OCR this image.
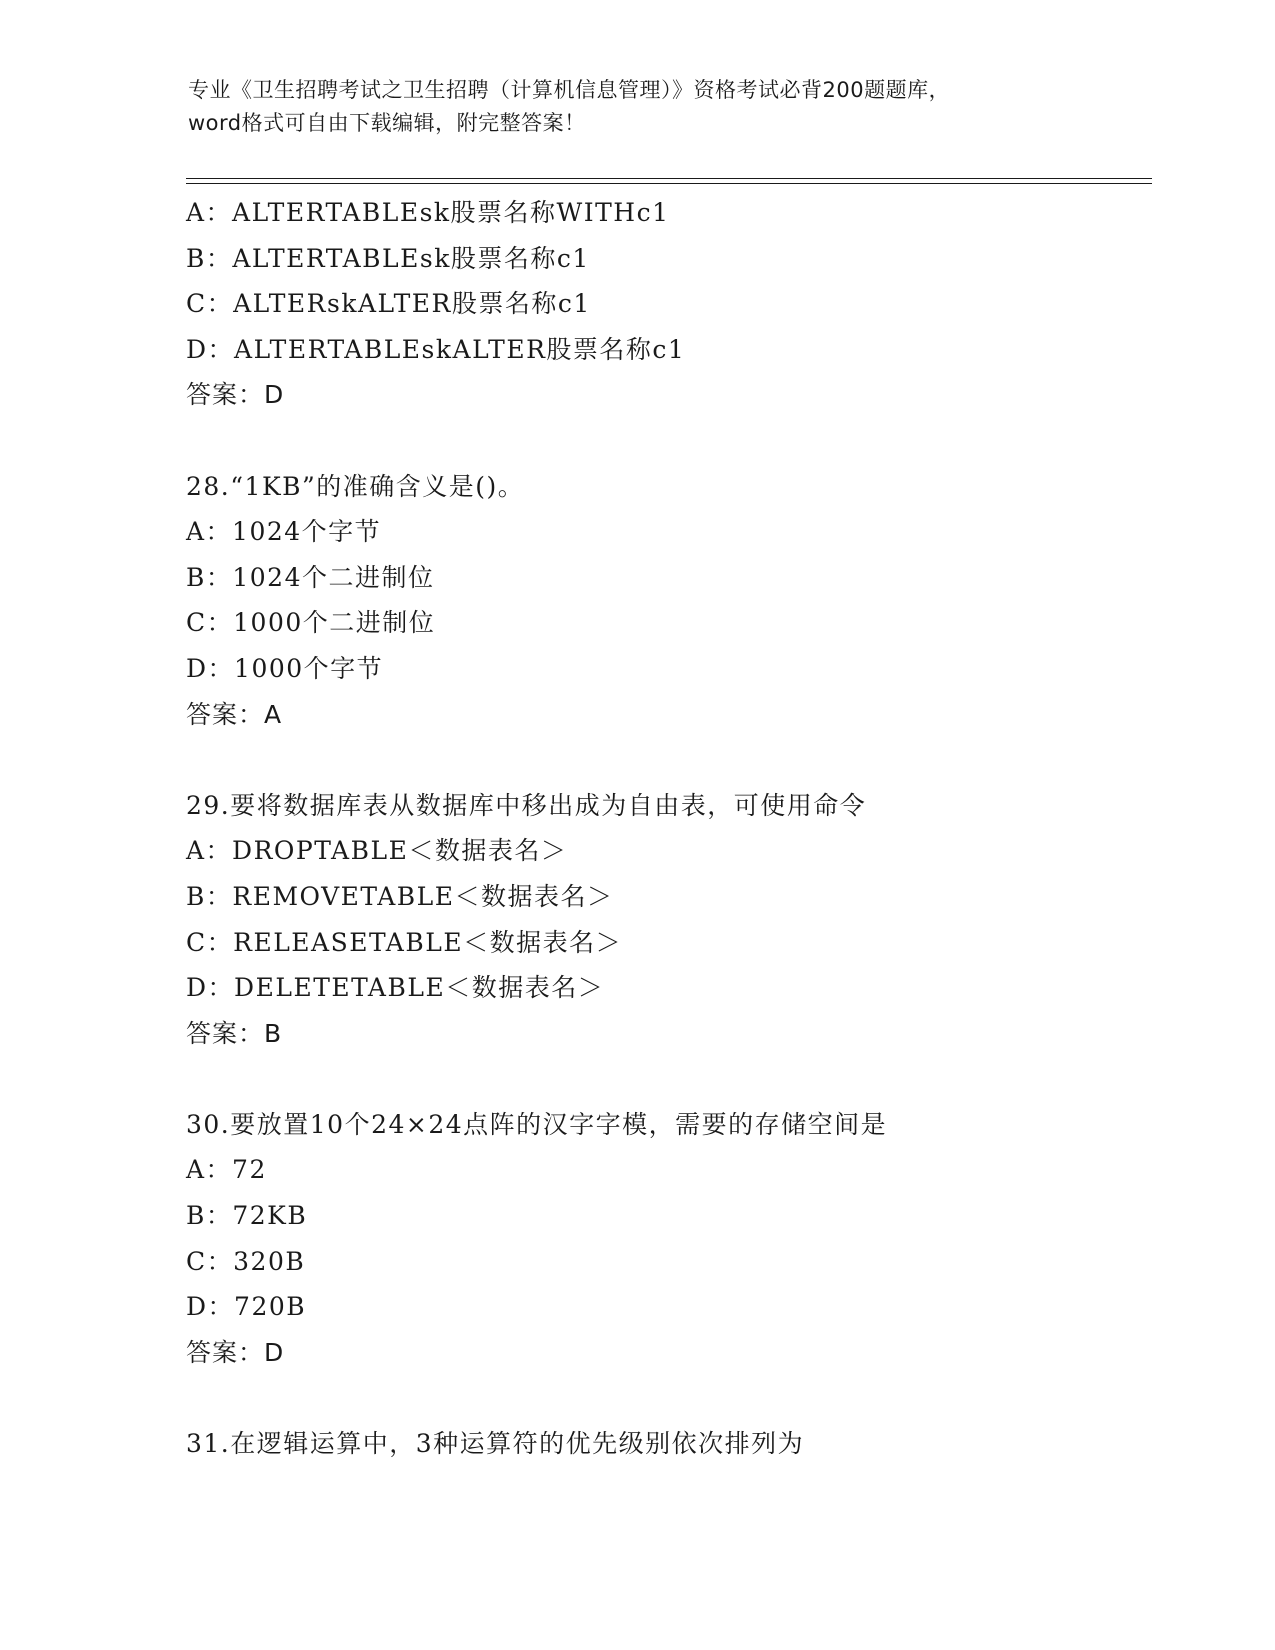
专业《卫生招聘考试之卫生招聘（计算机信息管理）》资格考试必背200题题库，
word格式可自由下载编辑，附完整答案！
A：ALTERTABLEsk股票名称WITHc1
B：ALTERTABLEsk股票名称c1
C：ALTERskALTER股票名称c1
D：ALTERTABLEskALTER股票名称c1
答案：D
28.“1KB”的准确含义是()。
A：1024个字节
B：1024个二进制位
C：1000个二进制位
D：1000个字节
答案：A
29.要将数据库表从数据库中移出成为自由表，可使用命令
A：DROPTABLE＜数据表名＞
B：REMOVETABLE＜数据表名＞
C：RELEASETABLE＜数据表名＞
D：DELETETABLE＜数据表名＞
答案：B
30.要放置10个24×24点阵的汉字字模，需要的存储空间是
A：72
B：72KB
C：320B
D：720B
答案：D
31.在逻辑运算中，3种运算符的优先级别依次排列为
